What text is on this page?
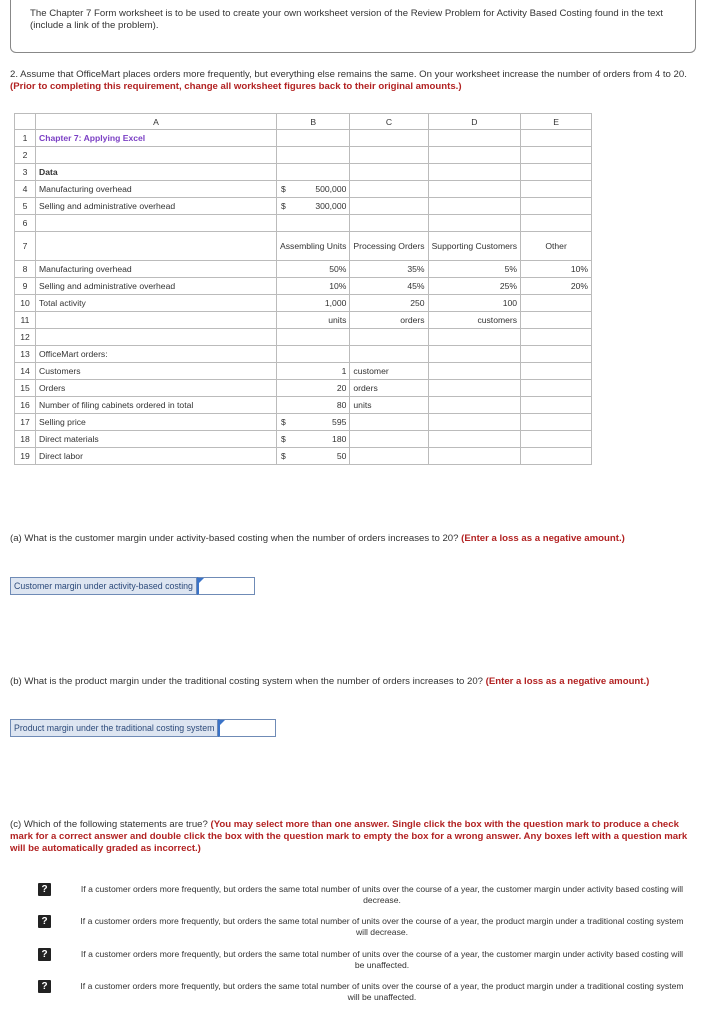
The Chapter 7 Form worksheet is to be used to create your own worksheet version of the Review Problem for Activity Based Costing found in the text (include a link of the problem).
2. Assume that OfficeMart places orders more frequently, but everything else remains the same. On your worksheet increase the number of orders from 4 to 20. (Prior to completing this requirement, change all worksheet figures back to their original amounts.)
	A	B	C	D	E
1	Chapter 7: Applying Excel				
2					
3	Data				
4	Manufacturing overhead	$ 500,000			

5	Selling and administrative overhead	$ 300,000			

6					
7		Assembling Units	Processing Orders	Supporting Customers	Other
8	Manufacturing overhead	50%	35%	5%	10%
9	Selling and administrative overhead	10%	45%	25%	20%
10	Total activity	1,000	250	100	
11		units	orders	customers	
12					
13	OfficeMart orders:				
14	Customers	1	customer		
15	Orders	20	orders		
16	Number of filing cabinets ordered in total	80	units		
17	Selling price	$ 595			

18	Direct materials	$ 180			

19	Direct labor	$ 50			

(a) What is the customer margin under activity-based costing when the number of orders increases to 20? (Enter a loss as a negative amount.)
Customer margin under activity-based costing
(b) What is the product margin under the traditional costing system when the number of orders increases to 20? (Enter a loss as a negative amount.)
Product margin under the traditional costing system
(c) Which of the following statements are true? (You may select more than one answer. Single click the box with the question mark to produce a check mark for a correct answer and double click the box with the question mark to empty the box for a wrong answer. Any boxes left with a question mark will be automatically graded as incorrect.)
?	If a customer orders more frequently, but orders the same total number of units over the course of a year, the customer margin under activity based costing will decrease.
?	If a customer orders more frequently, but orders the same total number of units over the course of a year, the product margin under a traditional costing system will decrease.
?	If a customer orders more frequently, but orders the same total number of units over the course of a year, the customer margin under activity based costing will be unaffected.
?	If a customer orders more frequently, but orders the same total number of units over the course of a year, the product margin under a traditional costing system will be unaffected.
